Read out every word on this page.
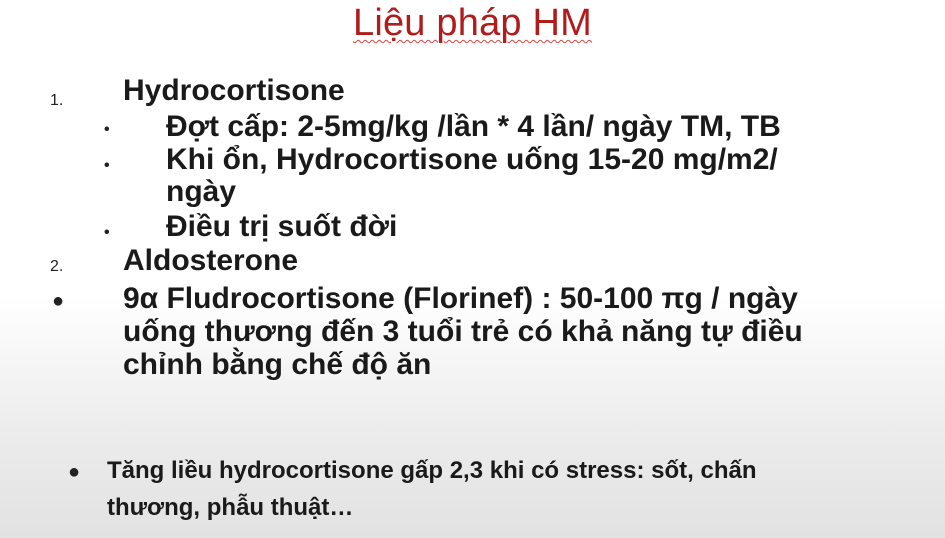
Liệu pháp HM
1. Hydrocortisone
• Đợt cấp: 2-5mg/kg /lần * 4 lần/ ngày TM, TB
• Khi ổn, Hydrocortisone uống 15-20 mg/m2/
ngày
• Điều trị suốt đời
2. Aldosterone
● 9α Fludrocortisone (Florinef) : 50-100 πg / ngày
uống thương đến 3 tuổi trẻ có khả năng tự điều
chỉnh bằng chế độ ăn
● Tăng liều hydrocortisone gấp 2,3 khi có stress: sốt, chấn
thương, phẫu thuật…
